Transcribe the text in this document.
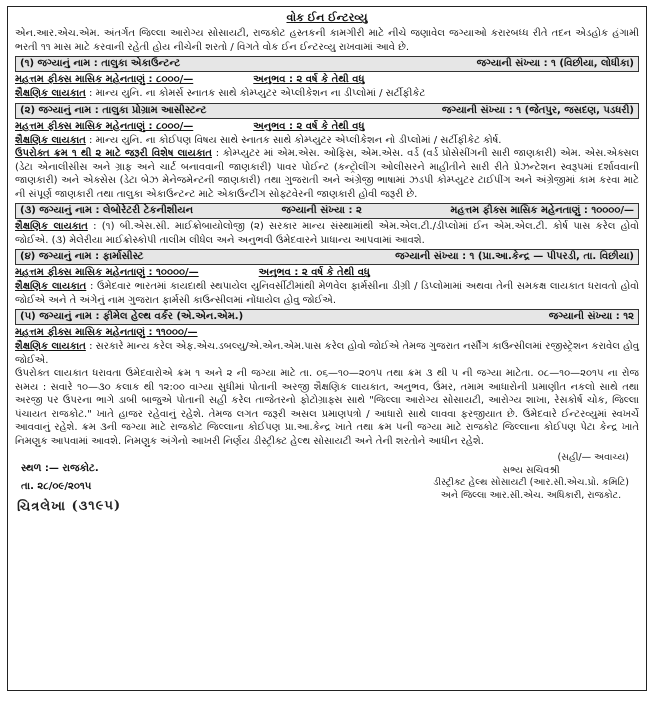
વોક ઈન ઈન્ટરવ્યુ

એન.આર.એચ.એમ. અંતર્ગત જિલ્લા આરોગ્ય સોસાયટી, રાજકોટ હસ્તકની કામગીરી માટે નીચે જણાવેલ જગ્યાઓ કરારબધ્ધ રીતે તદન એડહોક હંગામી ભરતી ૧૧ માસ માટે કરવાની રહેતી હોય નીચેની શરતો / વિગતે વોક ઈન ઈન્ટરવ્યુ રાખવામાં આવે છે.

(૧) જગ્યાનું નામ : તાલુકા એકાઉન્ટન્ટ	જગ્યાની સંખ્યા : ૧ (વિછીયા, લોધીકા)
મહત્તમ ફીક્સ માસિક મહેનતાણું : ૮૦૦૦/—	અનુભવ : ૨ વર્ષ કે તેથી વધુ

શૈક્ષણિક લાયકાત : માન્ય યુનિ. ના કોમર્સ સ્નાતક સાથે કોમ્પ્યુટર એપ્લીકેશન ના ડીપ્લોમાં / સર્ટીફીકેટ

(૨) જગ્યાનું નામ : તાલુકા પ્રોગ્રામ આસીસ્ટન્ટ	જગ્યાની સંખ્યા : ૧ (જેતપુર, જસદણ, પડધરી)
મહત્તમ ફીક્સ માસિક મહેનતાણું : ૮૦૦૦/—	અનુભવ : ૨ વર્ષ કે તેથી વધુ

શૈક્ષણિક લાયકાત : માન્ય યુનિ. ના કોઈપણ વિષય સાથે સ્નાતક સાથે કોમ્પ્યુટર એપ્લીકેશન નો ડીપ્લોમાં / સર્ટીફીકેટ કોર્ષ.

ઉપરોક્ત ક્રમ ૧ થી ૨ માટે જરૂરી વિશેષ લાયકાત : કોમ્પ્યુટર માં એમ.એસ. ઓફિસ, એમ.એસ. વર્ડ (વર્ડ પ્રોસેસીંગની સારી જાણકારી) એમ. એસ.એક્સલ (ડેટા એનાલીસીસ અને ગ્રાફ અને ચાર્ટ બનાવવાની જાણકારી) પાવર પોઈન્ટ (કન્ટ્રોલીંગ ઓલીસરને માહીતીને સારી રીતે પ્રેઝન્ટેશન સ્વરૂપમાં દર્શાવવાની જાણકારી) અને એક્સેસ (ડેટા બેઝ મેનેજમેન્ટની જાણકારી) તથા ગુજરાતી અને અંગ્રેજી ભાષામાં ઝડપી કોમ્પ્યુટર ટાઈપીંગ અને અંગ્રેજીમાં કામ કરવા માટે ની સંપૂર્ણ જાણકારી તથા તાલુકા એકાઉન્ટન્ટ માટે એકાઉન્ટીંગ સોફ્ટવેરની જાણકારી હોવી જરૂરી છે.

(૩) જગ્યાનું નામ : લેબોરેટરી ટેકનીશીયન	જગ્યાની સંખ્યા : ૨	મહત્તમ ફીક્સ માસિક મહેનતાણું : ૧૦૦૦૦/—

શૈક્ષણિક લાયકાત : (૧) બી.એસ.સી. માઈક્રોબાયોલોજી (૨) સરકાર માન્ય સંસ્થામાંથી એમ.એલ.ટી./ડીપ્લોમાં ઈન એમ.એલ.ટી. કોર્ષ પાસ કરેલ હોવો જોઈએ. (૩) મેલેરીયા માઈક્રોસ્કોપી તાલીમ લીધેલ અને અનુભવી ઉમેદવારને પ્રાધાન્ય આપવામાં આવશે.

(૪) જગ્યાનું નામ : ફાર્માસીસ્ટ	જગ્યાની સંખ્યા : ૧ (પ્રા.આ.કેન્દ્ર — પીપરડી, તા. વિછીયા)
મહત્તમ ફીક્સ માસિક મહેનતાણું : ૧૦૦૦૦/—	અનુભવ : ૨ વર્ષ કે તેથી વધુ

શૈક્ષણિક લાયકાત : ઉમેદવાર ભારતમાં કાયદાથી સ્થપાયેલ યુનિવર્સીટીમાંથી મેળવેલ ફાર્મસીના ડીગ્રી / ડિપ્લોમામાં અથવા તેની સમકક્ષ લાયકાત ધરાવતો હોવો જોઈએ અને તે અંગેનું નામ ગુજરાત ફાર્મસી કાઉન્સીલમાં નોંધાયેલ હોવુ જોઈએ.

(૫) જગ્યાનું નામ : ફીમેલ હેલ્થ વર્કર (એ.એન.એમ.)	જગ્યાની સંખ્યા : ૧૨
મહત્તમ ફીક્સ માસિક મહેનતાણું : ૧૧૦૦૦/—

શૈક્ષણિક લાયકાત : સરકારે માન્ય કરેલ એફ.એચ.ડબલ્યુ/એ.એન.એમ.પાસ કરેલ હોવો જોઈએ તેમજ ગુજરાત નર્સીંગ કાઉન્સીલમાં રજીસ્ટ્રેશન કરાવેલ હોવુ જોઈએ.

ઉપરોક્ત લાયકાત ધરાવતા ઉમેદવારોએ ક્રમ ૧ અને ૨ ની જગ્યા માટે તા. ૦૬—૧૦—૨૦૧૫ તથા ક્રમ ૩ થી ૫ ની જગ્યા માટેતા. ૦૮—૧૦—૨૦૧૫ ના રોજ સમય : સવારે ૧૦—૩૦ કલાક થી ૧૨:૦૦ વાગ્યા સુધીમાં પોતાની અરજી શૈક્ષણિક લાયકાત, અનુભવ, ઉંમર, તમામ આધારોની પ્રમાણીત નકલો સાથે તથા અરજી પર ઉપરના ભાગે ડાબી બાજુએ પોતાની સહી કરેલ તાજેતરનો ફોટોગ્રાફ્સ સાથે "જિલ્લા આરોગ્ય સોસાયટી, આરોગ્ય શાખા, રેસકોર્ષ ચોક, જિલ્લા પંચાયત રાજકોટ." ખાતે હાજર રહેવાનું રહેશે. તેમજ લગત જરૂરી અસલ પ્રમાણપત્રો / આધારો સાથે લાવવા ફરજીયાત છે. ઉમેદવારે ઈન્ટરવ્યુમાં સ્વખર્ચે આવવાનું રહેશે. ક્રમ ૩ની જગ્યા માટે રાજકોટ જિલ્લાના કોઈપણ પ્રા.આ.કેન્દ્ર ખાતે તથા ક્રમ ૫ની જગ્યા માટે રાજકોટ જિલ્લાના કોઈપણ પેટા કેન્દ્ર ખાતે નિમણુક આપવામાં આવશે. નિમણુક અંગેનો આખરી નિર્ણય ડીસ્ટ્રીક્ટ હેલ્થ સોસાયટી અને તેની શરતોને આધીન રહેશે.

સ્થળ :— રાજકોટ.
તા. ૨૮/૦૯/૨૦૧૫
(સહી/— અવાચ્ય)
સભ્ય સચિવશ્રી
ડીસ્ટ્રીક્ટ હેલ્થ સોસાયટી (આર.સી.એચ.પ્રો. કમિટિ)
અને જિલ્લા આર.સી.એચ. અધિકારી, રાજકોટ.
ચિત્રલેખા (૩૧૯૫)
